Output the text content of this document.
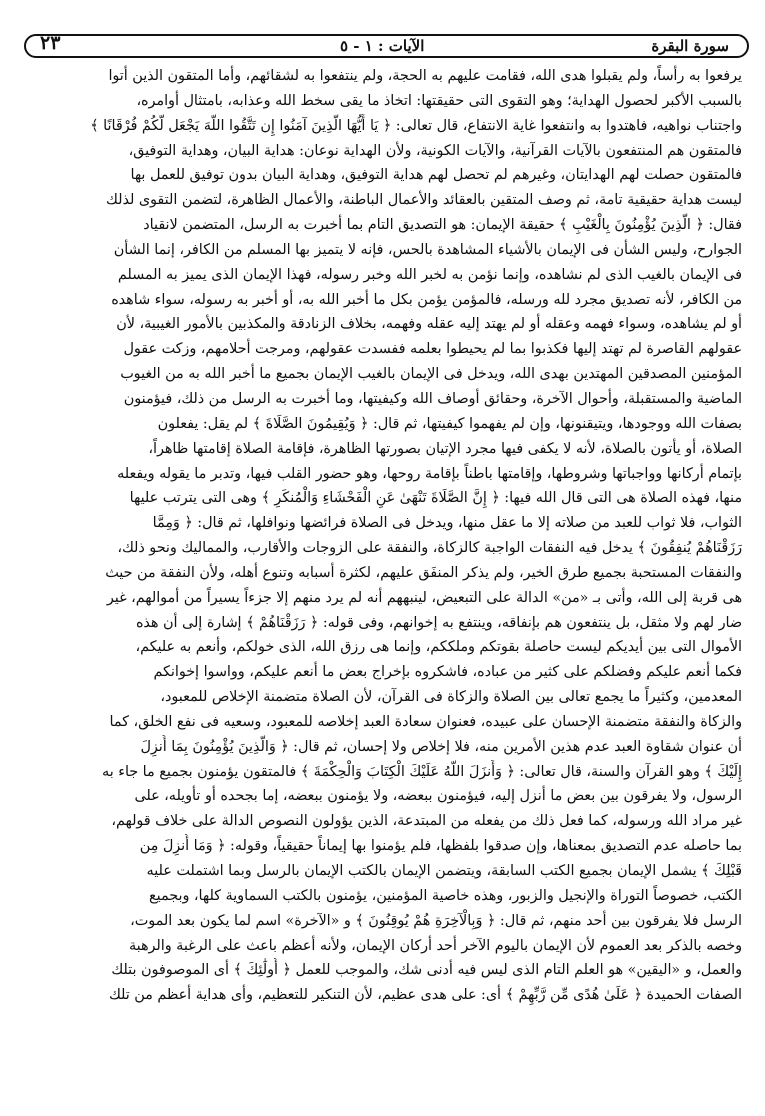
سورة البقرة
الآيات : ١ - ٥
٢٣
يرفعوا به رأساً، ولم يقبلوا هدى الله، فقامت عليهم به الحجة، ولم ينتفعوا به لشقائهم، وأما المتقون الذين أتوا
بالسبب الأكبر لحصول الهداية؛ وهو التقوى التى حقيقتها: اتخاذ ما يقى سخط الله وعذابه، بامتثال أوامره،
واجتناب نواهيه، فاهتدوا به وانتفعوا غاية الانتفاع، قال تعالى: ﴿ يَا أَيُّهَا الَّذِينَ آمَنُوا إِن تَتَّقُوا اللَّهَ يَجْعَل لَّكُمْ فُرْقَانًا ﴾
فالمتقون هم المنتفعون بالآيات القرآنية، والآيات الكونية، ولأن الهداية نوعان: هداية البيان، وهداية التوفيق،
فالمتقون حصلت لهم الهدايتان، وغيرهم لم تحصل لهم هداية التوفيق، وهداية البيان بدون توفيق للعمل بها
ليست هداية حقيقية تامة، ثم وصف المتقين بالعقائد والأعمال الباطنة، والأعمال الظاهرة، لتضمن التقوى لذلك
فقال: ﴿ الَّذِينَ يُؤْمِنُونَ بِالْغَيْبِ ﴾ حقيقة الإيمان: هو التصديق التام بما أخبرت به الرسل، المتضمن لانقياد
الجوارح، وليس الشأن فى الإيمان بالأشياء المشاهدة بالحس، فإنه لا يتميز بها المسلم من الكافر، إنما الشأن
فى الإيمان بالغيب الذى لم نشاهده، وإنما نؤمن به لخبر الله وخبر رسوله، فهذا الإيمان الذى يميز به المسلم
من الكافر، لأنه تصديق مجرد لله ورسله، فالمؤمن يؤمن بكل ما أخبر الله به، أو أخبر به رسوله، سواء شاهده
أو لم يشاهده، وسواء فهمه وعقله أو لم يهتد إليه عقله وفهمه، بخلاف الزنادقة والمكذبين بالأمور الغيبية، لأن
عقولهم القاصرة لم تهتد إليها فكذبوا بما لم يحيطوا بعلمه ففسدت عقولهم، ومرجت أحلامهم، وزكت عقول
المؤمنين المصدقين المهتدين بهدى الله، ويدخل فى الإيمان بالغيب الإيمان بجميع ما أخبر الله به من الغيوب
الماضية والمستقبلة، وأحوال الآخرة، وحقائق أوصاف الله وكيفيتها، وما أخبرت به الرسل من ذلك، فيؤمنون
بصفات الله ووجودها، ويتيقنونها، وإن لم يفهموا كيفيتها، ثم قال: ﴿ وَيُقِيمُونَ الصَّلَاةَ ﴾ لم يقل: يفعلون
الصلاة، أو يأتون بالصلاة، لأنه لا يكفى فيها مجرد الإتيان بصورتها الظاهرة، فإقامة الصلاة إقامتها ظاهراً،
بإتمام أركانها وواجباتها وشروطها، وإقامتها باطناً بإقامة روحها، وهو حضور القلب فيها، وتدبر ما يقوله ويفعله
منها، فهذه الصلاة هى التى قال الله فيها: ﴿ إِنَّ الصَّلَاةَ تَنْهَىٰ عَنِ الْفَحْشَاءِ وَالْمُنكَرِ ﴾ وهى التى يترتب عليها
الثواب، فلا ثواب للعبد من صلاته إلا ما عقل منها، ويدخل فى الصلاة فرائضها ونوافلها، ثم قال: ﴿ وَمِمَّا
رَزَقْنَاهُمْ يُنفِقُونَ ﴾ يدخل فيه النفقات الواجبة كالزكاة، والنفقة على الزوجات والأقارب، والمماليك ونحو ذلك،
والنفقات المستحبة بجميع طرق الخير، ولم يذكر المنفَق عليهم، لكثرة أسبابه وتنوع أهله، ولأن النفقة من حيث
هى قربة إلى الله، وأتى بـ «من» الدالة على التبعيض، لينبههم أنه لم يرد منهم إلا جزءاً يسيراً من أموالهم، غير
ضار لهم ولا مثقل، بل ينتفعون هم بإنفاقه، وينتفع به إخوانهم، وفى قوله: ﴿ رَزَقْنَاهُمْ ﴾ إشارة إلى أن هذه
الأموال التى بين أيديكم ليست حاصلة بقوتكم وملككم، وإنما هى رزق الله، الذى خولكم، وأنعم به عليكم،
فكما أنعم عليكم وفضلكم على كثير من عباده، فاشكروه بإخراج بعض ما أنعم عليكم، وواسوا إخوانكم
المعدمين، وكثيراً ما يجمع تعالى بين الصلاة والزكاة فى القرآن، لأن الصلاة متضمنة الإخلاص للمعبود،
والزكاة والنفقة متضمنة الإحسان على عبيده، فعنوان سعادة العبد إخلاصه للمعبود، وسعيه فى نفع الخلق، كما
أن عنوان شقاوة العبد عدم هذين الأمرين منه، فلا إخلاص ولا إحسان، ثم قال: ﴿ وَالَّذِينَ يُؤْمِنُونَ بِمَا أُنزِلَ
إِلَيْكَ ﴾ وهو القرآن والسنة، قال تعالى: ﴿ وَأَنزَلَ اللَّهُ عَلَيْكَ الْكِتَابَ وَالْحِكْمَةَ ﴾ فالمتقون يؤمنون بجميع ما جاء به
الرسول، ولا يفرقون بين بعض ما أنزل إليه، فيؤمنون ببعضه، ولا يؤمنون ببعضه، إما بجحده أو تأويله، على
غير مراد الله ورسوله، كما فعل ذلك من يفعله من المبتدعة، الذين يؤولون النصوص الدالة على خلاف قولهم،
بما حاصله عدم التصديق بمعناها، وإن صدقوا بلفظها، فلم يؤمنوا بها إيماناً حقيقياً، وقوله: ﴿ وَمَا أُنزِلَ مِن
قَبْلِكَ ﴾ يشمل الإيمان بجميع الكتب السابقة، ويتضمن الإيمان بالكتب الإيمان بالرسل وبما اشتملت عليه
الكتب، خصوصاً التوراة والإنجيل والزبور، وهذه خاصية المؤمنين، يؤمنون بالكتب السماوية كلها، وبجميع
الرسل فلا يفرقون بين أحد منهم، ثم قال: ﴿ وَبِالْآخِرَةِ هُمْ يُوقِنُونَ ﴾ و «الآخرة» اسم لما يكون بعد الموت،
وخصه بالذكر بعد العموم لأن الإيمان باليوم الآخر أحد أركان الإيمان، ولأنه أعظم باعث على الرغبة والرهبة
والعمل، و «اليقين» هو العلم التام الذى ليس فيه أدنى شك، والموجب للعمل ﴿ أُولَٰئِكَ ﴾ أى الموصوفون بتلك
الصفات الحميدة ﴿ عَلَىٰ هُدًى مِّن رَّبِّهِمْ ﴾ أى: على هدى عظيم، لأن التنكير للتعظيم، وأى هداية أعظم من تلك
